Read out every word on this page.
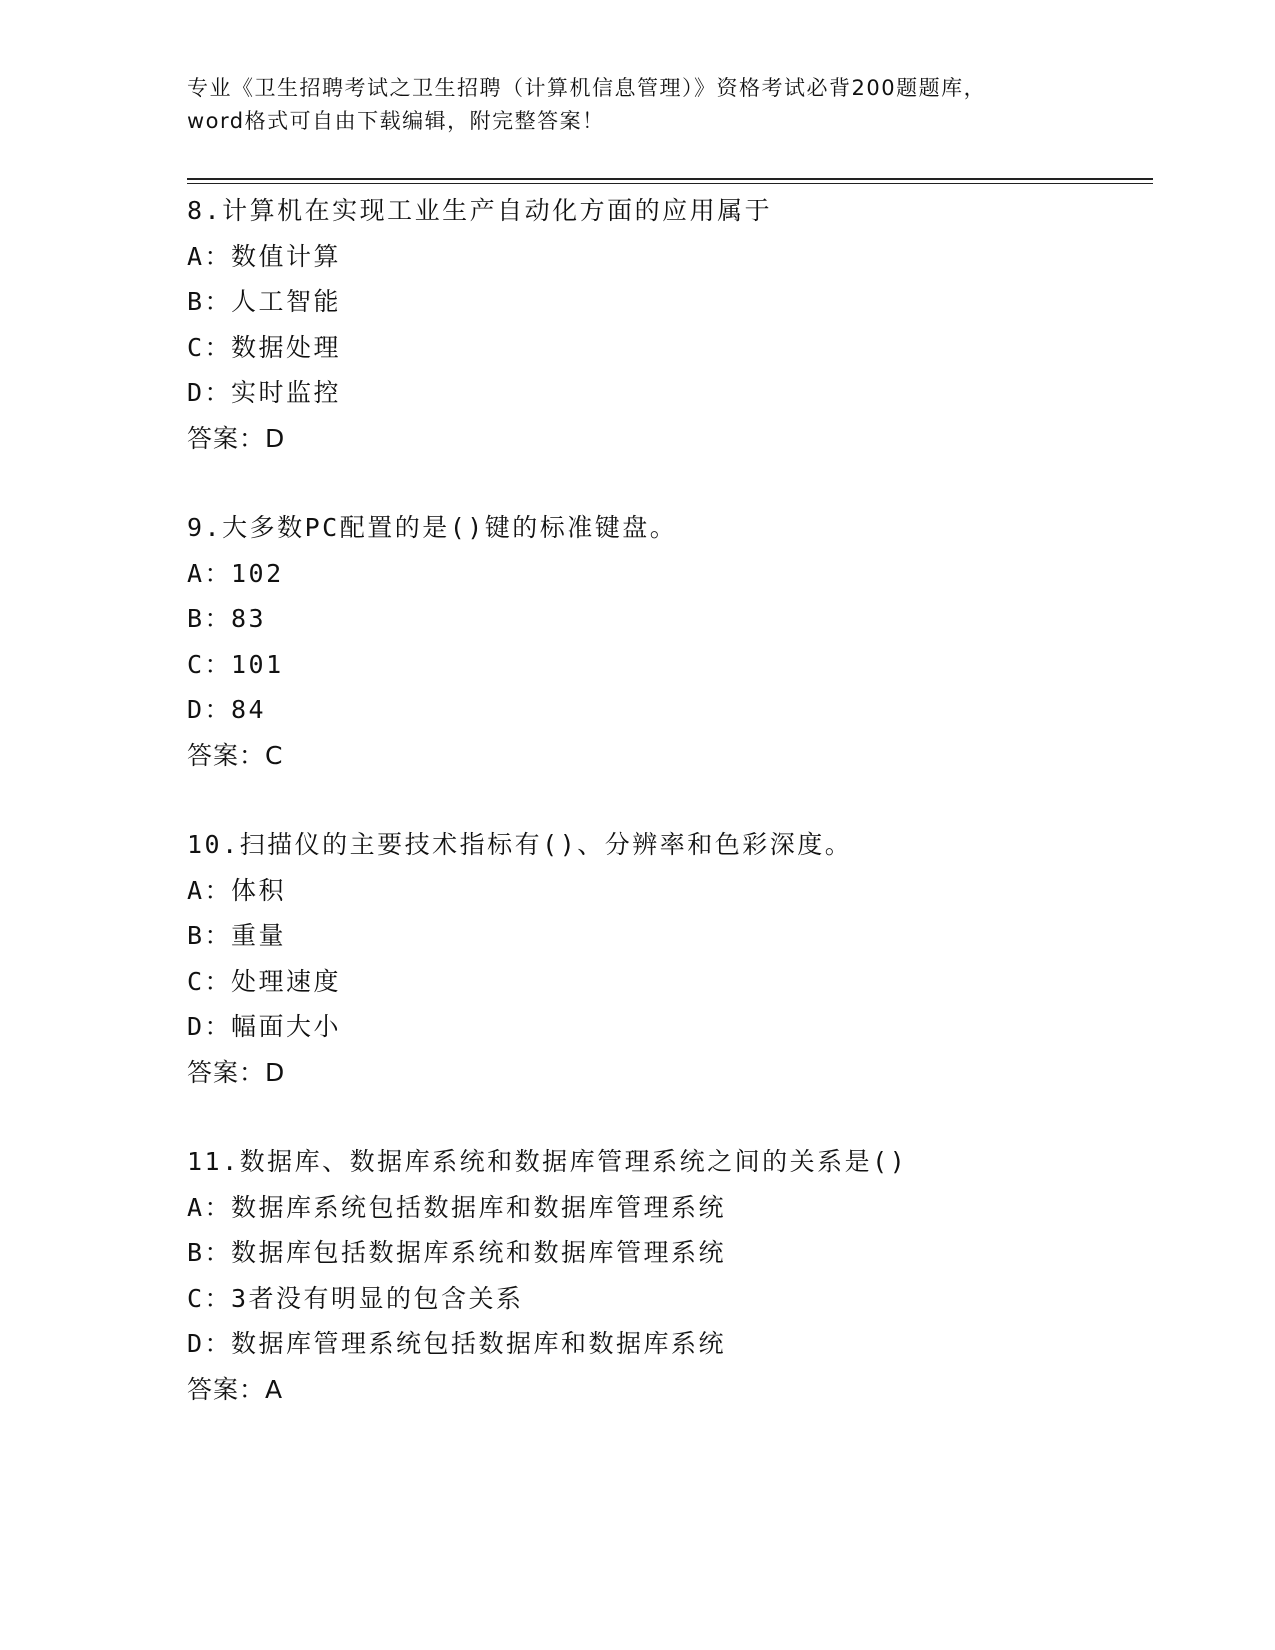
专业《卫生招聘考试之卫生招聘（计算机信息管理）》资格考试必背200题题库，
word格式可自由下载编辑，附完整答案！
8.计算机在实现工业生产自动化方面的应用属于
A：数值计算
B：人工智能
C：数据处理
D：实时监控
答案：D
9.大多数PC配置的是()键的标准键盘。
A：102
B：83
C：101
D：84
答案：C
10.扫描仪的主要技术指标有()、分辨率和色彩深度。
A：体积
B：重量
C：处理速度
D：幅面大小
答案：D
11.数据库、数据库系统和数据库管理系统之间的关系是()
A：数据库系统包括数据库和数据库管理系统
B：数据库包括数据库系统和数据库管理系统
C：3者没有明显的包含关系
D：数据库管理系统包括数据库和数据库系统
答案：A
